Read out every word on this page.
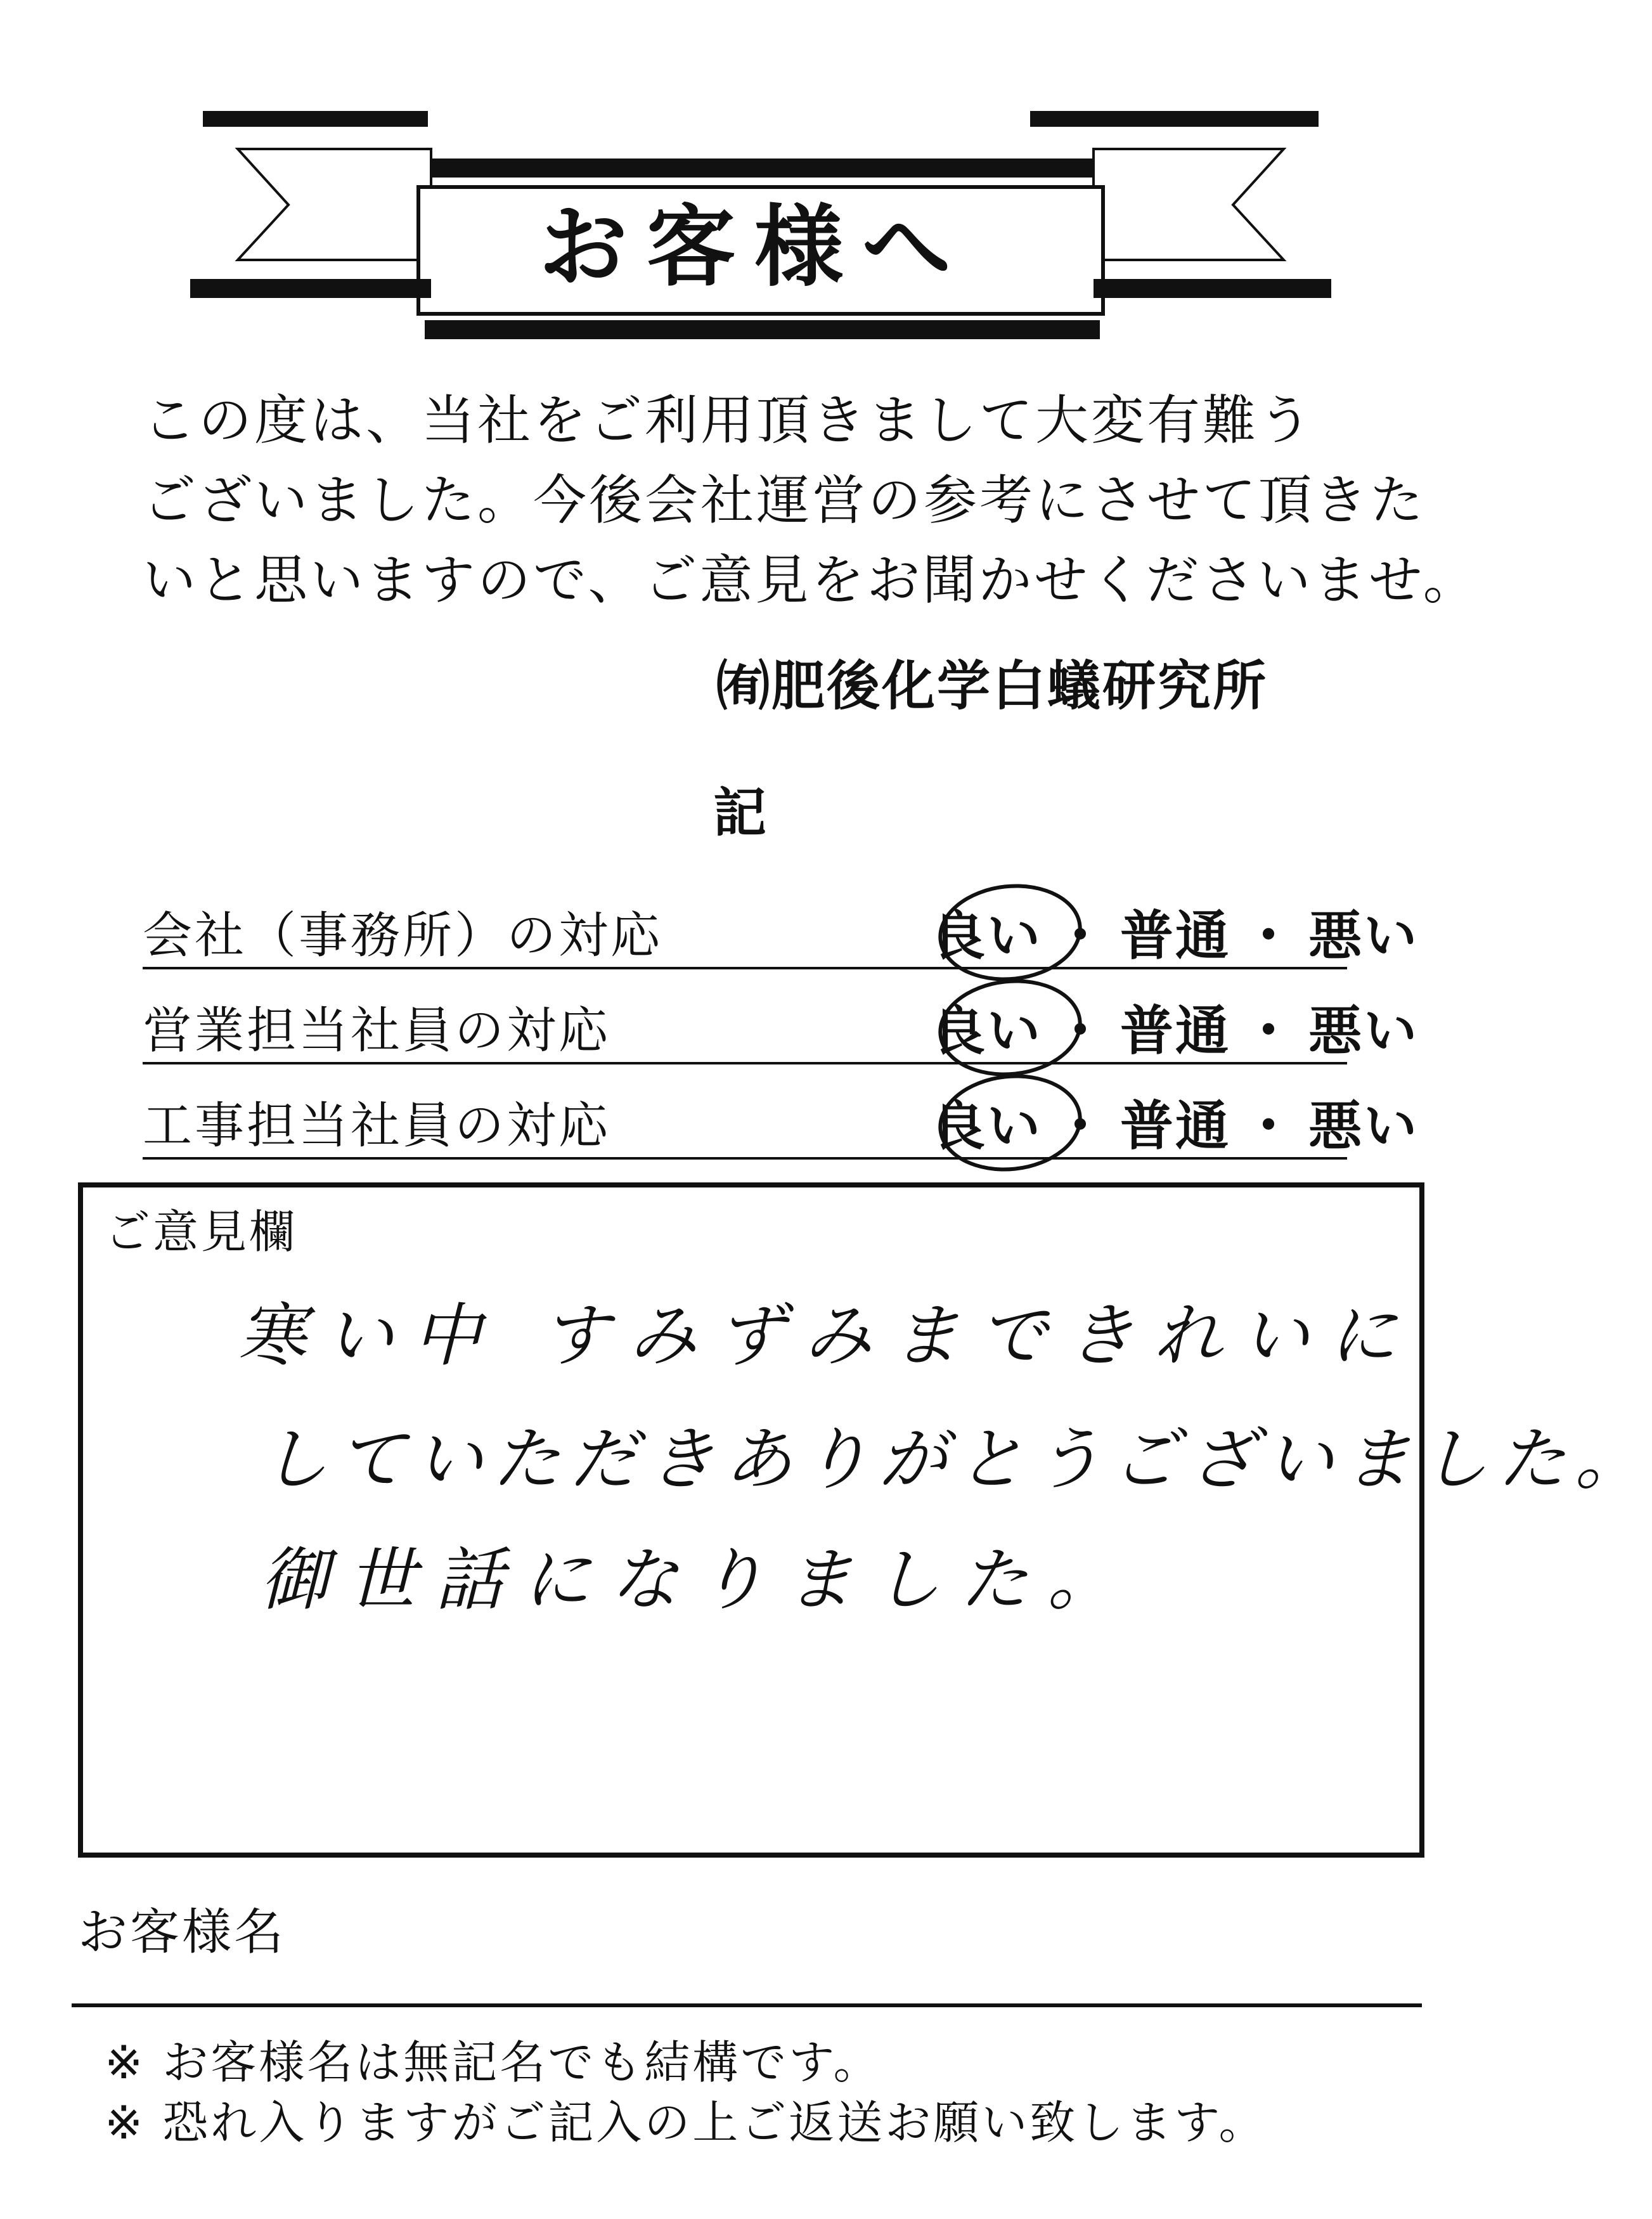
お客様へ
この度は、当社をご利用頂きまして大変有難う
ございました。今後会社運営の参考にさせて頂きた
いと思いますので、ご意見をお聞かせくださいませ。
㈲肥後化学白蟻研究所
記
会社（事務所）の対応	良い ・ 普通 ・ 悪い
営業担当社員の対応	良い ・ 普通 ・ 悪い
工事担当社員の対応	良い ・ 普通 ・ 悪い
ご意見欄
寒い中 すみずみまできれいに
していただきありがとうございました。
御世話になりました。
お客様名
※ お客様名は無記名でも結構です。
※ 恐れ入りますがご記入の上ご返送お願い致します。
